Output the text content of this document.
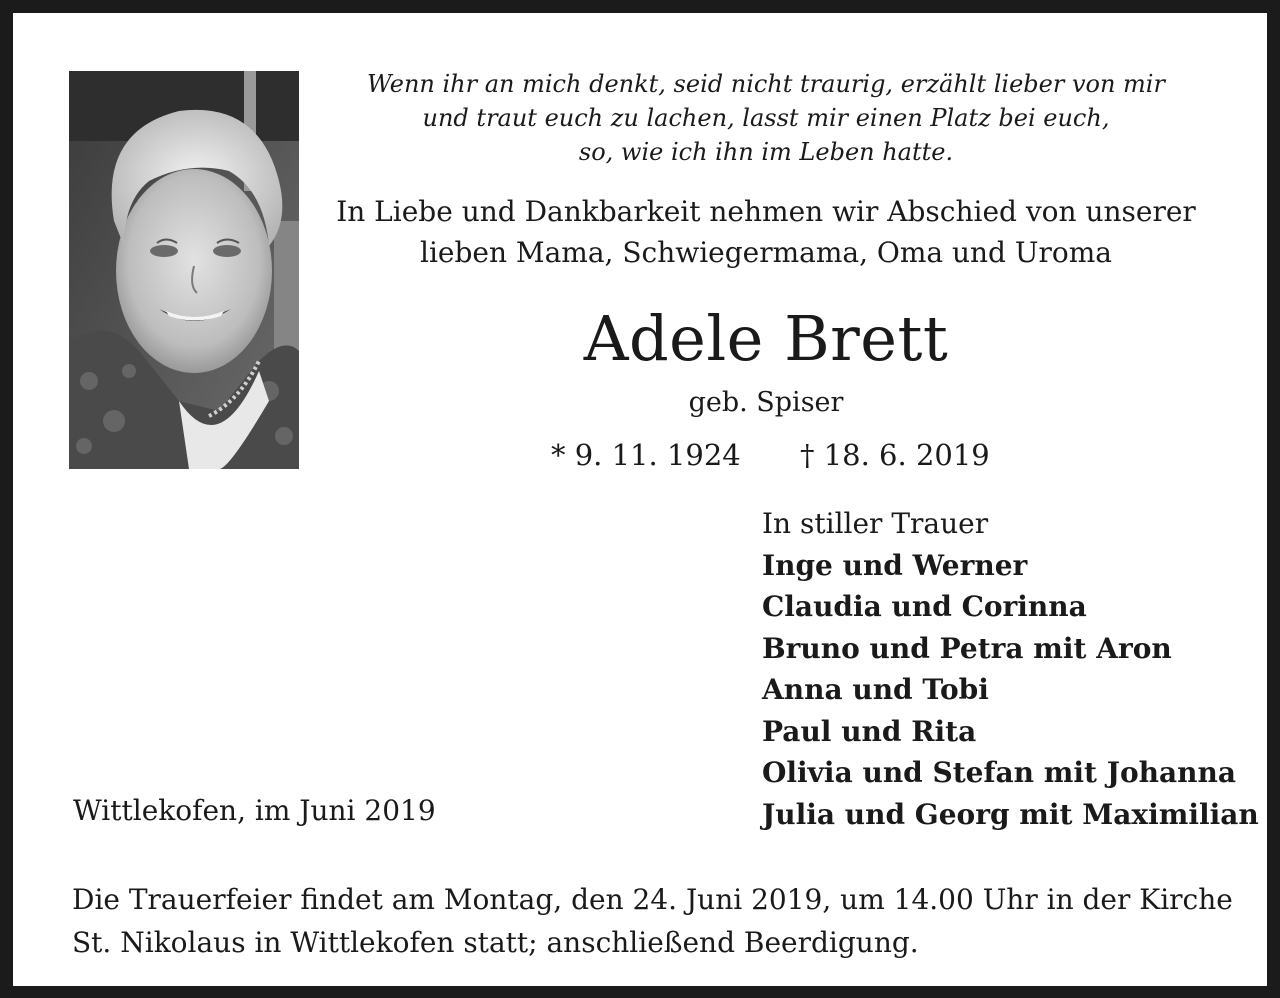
Wenn ihr an mich denkt, seid nicht traurig, erzählt lieber von mir
und traut euch zu lachen, lasst mir einen Platz bei euch,
so, wie ich ihn im Leben hatte.
In Liebe und Dankbarkeit nehmen wir Abschied von unserer
lieben Mama, Schwiegermama, Oma und Uroma
Adele Brett
geb. Spiser
* 9. 11. 1924 † 18. 6. 2019
In stiller Trauer
Inge und Werner
Claudia und Corinna
Bruno und Petra mit Aron
Anna und Tobi
Paul und Rita
Olivia und Stefan mit Johanna
Julia und Georg mit Maximilian
Wittlekofen, im Juni 2019
Die Trauerfeier findet am Montag, den 24. Juni 2019, um 14.00 Uhr in der Kirche
St. Nikolaus in Wittlekofen statt; anschließend Beerdigung.
